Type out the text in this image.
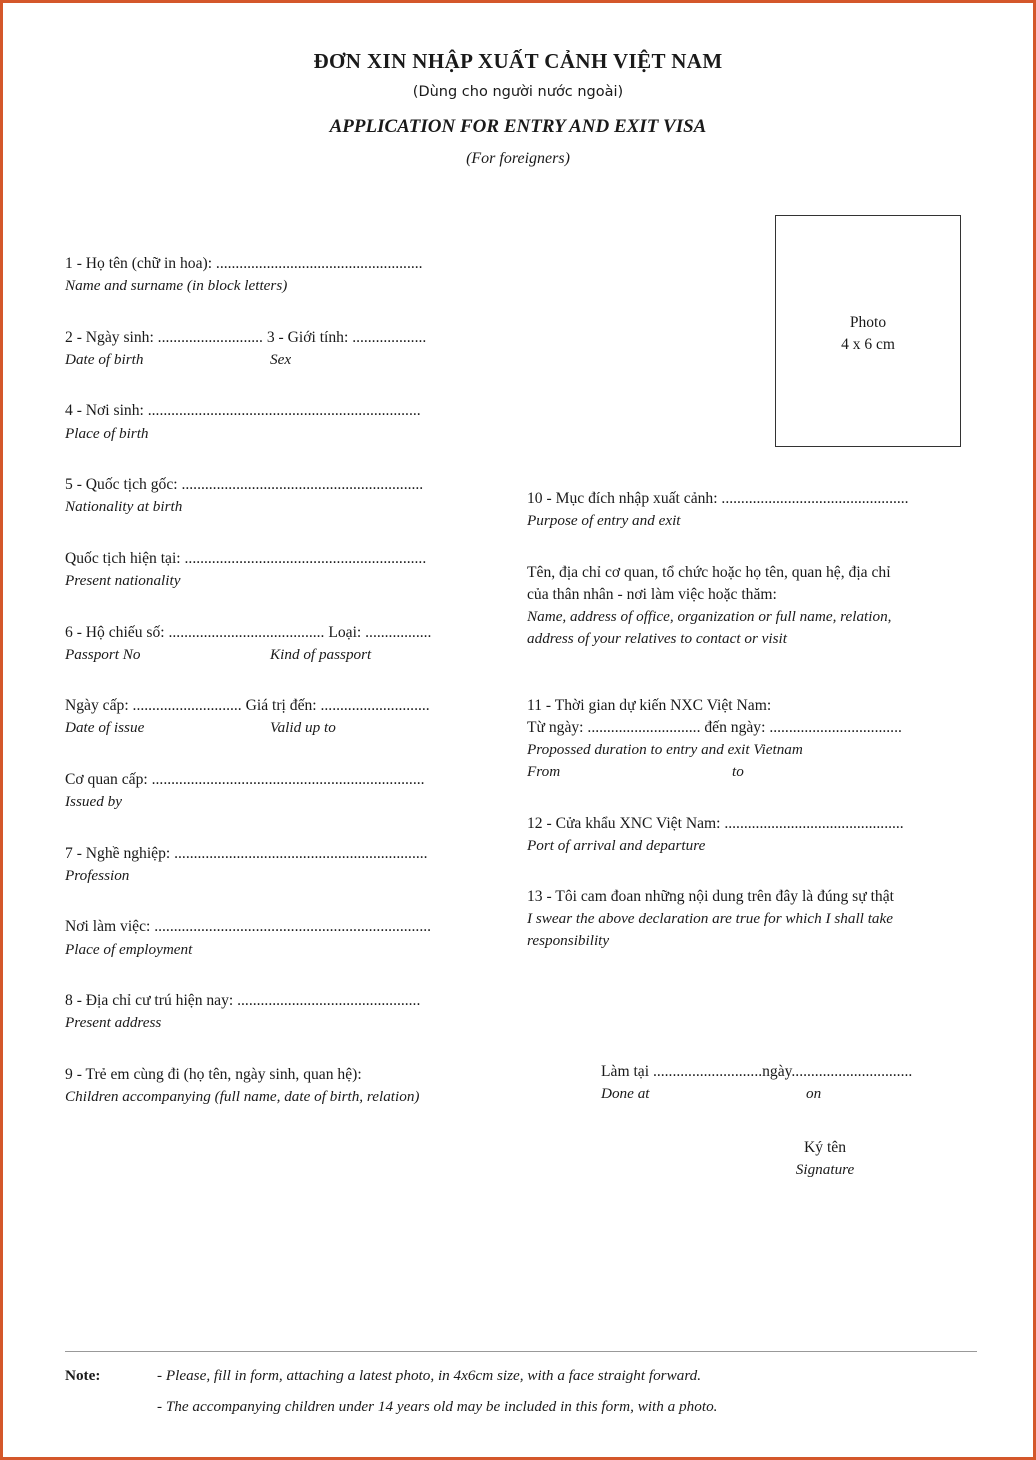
ĐƠN XIN NHẬP XUẤT CẢNH VIỆT NAM
(Dùng cho người nước ngoài)
APPLICATION FOR ENTRY AND EXIT VISA
(For foreigners)
Photo
4 x 6 cm
1 - Họ tên (chữ in hoa): .....................................................
Name and surname (in block letters)
2 - Ngày sinh: ........................... 3 - Giới tính: ...................
Date of birth	Sex
4 - Nơi sinh: ......................................................................
Place of birth
5 - Quốc tịch gốc: ..............................................................
Nationality at birth
Quốc tịch hiện tại: ..............................................................
Present nationality
6 - Hộ chiếu số: ........................................ Loại: .................
Passport No	Kind of passport
Ngày cấp: ............................ Giá trị đến: ............................
Date of issue	Valid up to
Cơ quan cấp: ......................................................................
Issued by
7 - Nghề nghiệp: .................................................................
Profession
Nơi làm việc: .......................................................................
Place of employment
8 - Địa chỉ cư trú hiện nay: ...............................................
Present address
9 - Trẻ em cùng đi (họ tên, ngày sinh, quan hệ):
Children accompanying (full name, date of birth, relation)
10 - Mục đích nhập xuất cảnh: ................................................
Purpose of entry and exit
Tên, địa chỉ cơ quan, tổ chức hoặc họ tên, quan hệ, địa chỉ
của thân nhân - nơi làm việc hoặc thăm:
Name, address of office, organization or full name, relation,
address of your relatives to contact or visit
11 - Thời gian dự kiến NXC Việt Nam:
Từ ngày: ............................. đến ngày: ..................................
Propossed duration to entry and exit Vietnam
From	to
12 - Cửa khẩu XNC Việt Nam: ..............................................
Port of arrival and departure
13 - Tôi cam đoan những nội dung trên đây là đúng sự thật
I swear the above declaration are true for which I shall take
responsibility
Làm tại ............................ngày...............................
Done at	on
Ký tên
Signature
Note:	- Please, fill in form, attaching a latest photo, in 4x6cm size, with a face straight forward.
- The accompanying children under 14 years old may be included in this form, with a photo.
